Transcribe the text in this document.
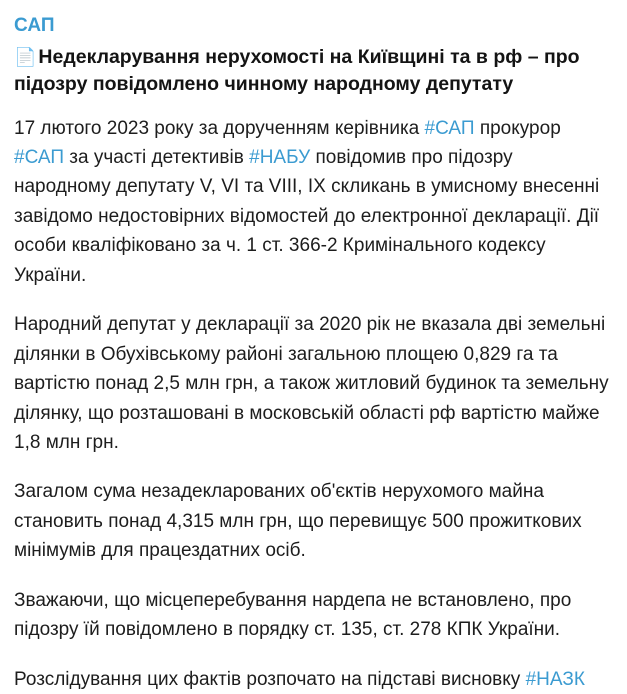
САП
📄 Недекларування нерухомості на Київщині та в рф – про підозру повідомлено чинному народному депутату
17 лютого 2023 року за дорученням керівника #САП прокурор #САП за участі детективів #НАБУ повідомив про підозру народному депутату V, VI та VIII, IX скликань в умисному внесенні завідомо недостовірних відомостей до електронної декларації. Дії особи кваліфіковано за ч. 1 ст. 366-2 Кримінального кодексу України.
Народний депутат у декларації за 2020 рік не вказала дві земельні ділянки в Обухівському районі загальною площею 0,829 га та вартістю понад 2,5 млн грн, а також житловий будинок та земельну ділянку, що розташовані в московській області рф вартістю майже 1,8 млн грн.
Загалом сума незадекларованих об'єктів нерухомого майна становить понад 4,315 млн грн, що перевищує 500 прожиткових мінімумів для працездатних осіб.
Зважаючи, що місцеперебування нардепа не встановлено, про підозру їй повідомлено в порядку ст. 135, ст. 278 КПК України.
Розслідування цих фактів розпочато на підставі висновку #НАЗК
